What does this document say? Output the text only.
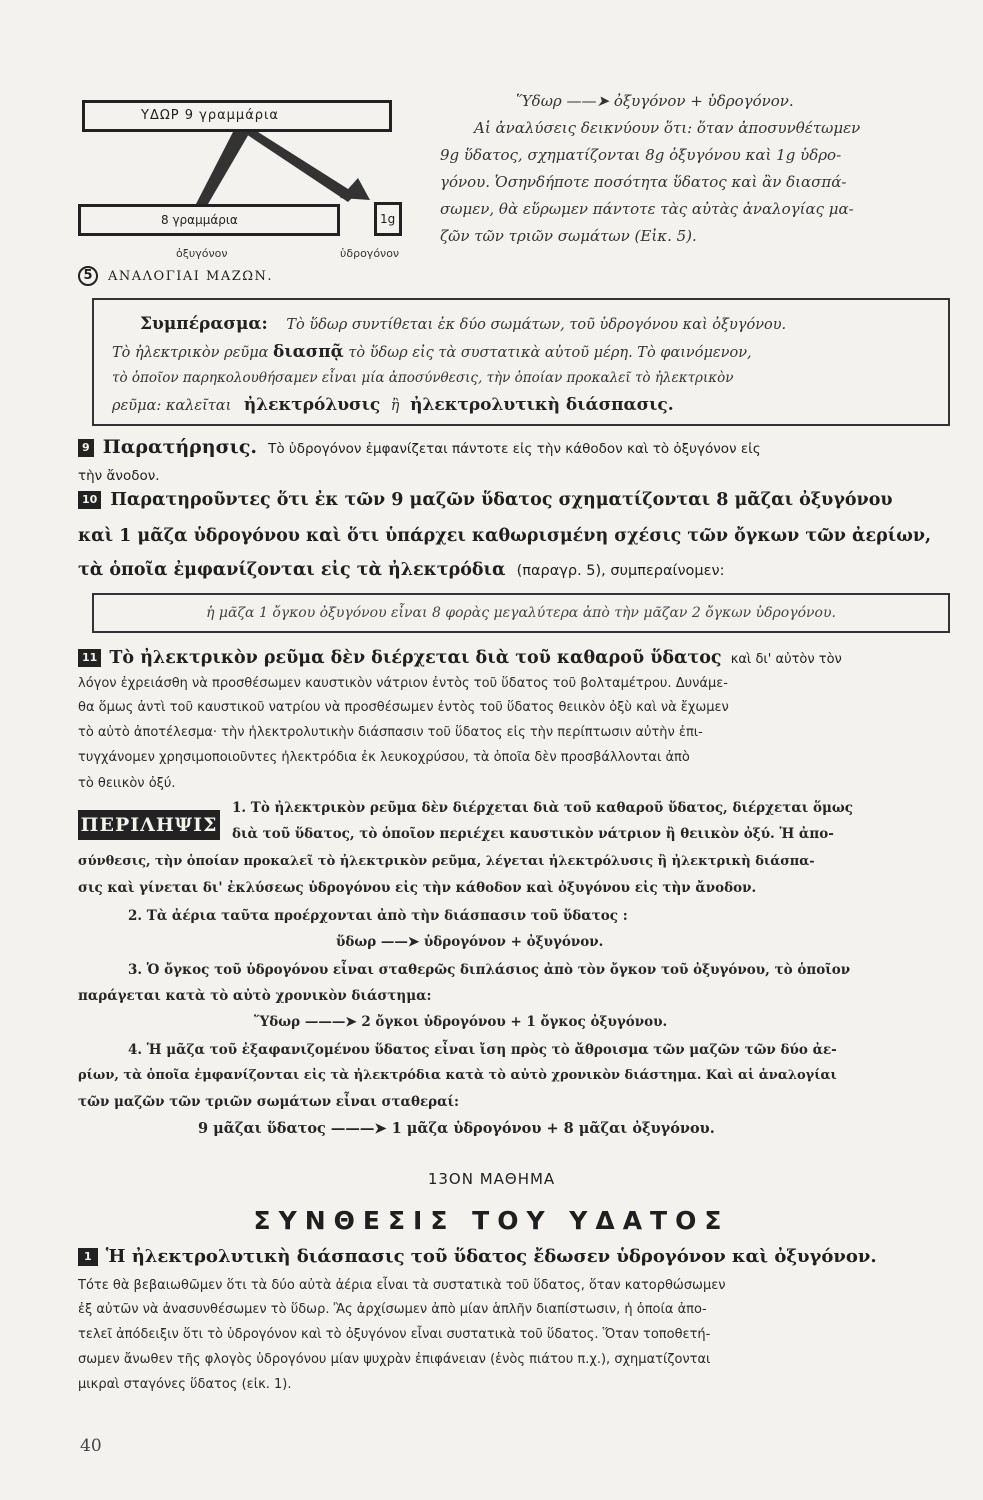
ΥΔΩΡ 9 γραμμάρια
8 γραμμάρια	1g
ὀξυγόνον	ὑδρογόνον
5	ΑΝΑΛΟΓΙΑΙ ΜΑΖΩΝ.
Ὕδωρ ——➤ ὀξυγόνον + ὑδρογόνον.
Αἱ ἀναλύσεις δεικνύουν ὅτι: ὅταν ἀποσυνθέτωμεν
9g ὕδατος, σχηματίζονται 8g ὀξυγόνου καὶ 1g ὑδρο-
γόνου. Ὁσηνδήποτε ποσότητα ὕδατος καὶ ἂν διασπά-
σωμεν, θὰ εὕρωμεν πάντοτε τὰς αὐτὰς ἀναλογίας μα-
ζῶν τῶν τριῶν σωμάτων (Εἰκ. 5).
Συμπέρασμα: Τὸ ὕδωρ συντίθεται ἐκ δύο σωμάτων, τοῦ ὑδρογόνου καὶ ὀξυγόνου.
Τὸ ἠλεκτρικὸν ρεῦμα διασπᾷ τὸ ὕδωρ εἰς τὰ συστατικὰ αὐτοῦ μέρη. Τὸ φαινόμενον,
τὸ ὁποῖον παρηκολουθήσαμεν εἶναι μία ἀποσύνθεσις, τὴν ὁποίαν προκαλεῖ τὸ ἠλεκτρικὸν
ρεῦμα: καλεῖται ἠλεκτρόλυσις ἢ ἠλεκτρολυτικὴ διάσπασις.
9 Παρατήρησις. Τὸ ὑδρογόνον ἐμφανίζεται πάντοτε εἰς τὴν κάθοδον καὶ τὸ ὀξυγόνον εἰς
τὴν ἄνοδον.
10 Παρατηροῦντες ὅτι ἐκ τῶν 9 μαζῶν ὕδατος σχηματίζονται 8 μᾶζαι ὀξυγόνου
καὶ 1 μᾶζα ὑδρογόνου καὶ ὅτι ὑπάρχει καθωρισμένη σχέσις τῶν ὄγκων τῶν ἀερίων,
τὰ ὁποῖα ἐμφανίζονται εἰς τὰ ἠλεκτρόδια (παραγρ. 5), συμπεραίνομεν:
ἡ μᾶζα 1 ὄγκου ὀξυγόνου εἶναι 8 φορὰς μεγαλύτερα ἀπὸ τὴν μᾶζαν 2 ὄγκων ὑδρογόνου.
11 Τὸ ἠλεκτρικὸν ρεῦμα δὲν διέρχεται διὰ τοῦ καθαροῦ ὕδατος καὶ δι' αὐτὸν τὸν
λόγον ἐχρειάσθη νὰ προσθέσωμεν καυστικὸν νάτριον ἐντὸς τοῦ ὕδατος τοῦ βολταμέτρου. Δυνάμε-
θα ὅμως ἀντὶ τοῦ καυστικοῦ νατρίου νὰ προσθέσωμεν ἐντὸς τοῦ ὕδατος θειικὸν ὀξὺ καὶ νὰ ἔχωμεν
τὸ αὐτὸ ἀποτέλεσμα· τὴν ἠλεκτρολυτικὴν διάσπασιν τοῦ ὕδατος εἰς τὴν περίπτωσιν αὐτὴν ἐπι-
τυγχάνομεν χρησιμοποιοῦντες ἠλεκτρόδια ἐκ λευκοχρύσου, τὰ ὁποῖα δὲν προσβάλλονται ἀπὸ
τὸ θειικὸν ὀξύ.
ΠΕΡΙΛΗΨΙΣ
1. Τὸ ἠλεκτρικὸν ρεῦμα δὲν διέρχεται διὰ τοῦ καθαροῦ ὕδατος, διέρχεται ὅμως
διὰ τοῦ ὕδατος, τὸ ὁποῖον περιέχει καυστικὸν νάτριον ἢ θειικὸν ὀξύ. Ἡ ἀπο-
σύνθεσις, τὴν ὁποίαν προκαλεῖ τὸ ἠλεκτρικὸν ρεῦμα, λέγεται ἠλεκτρόλυσις ἢ ἠλεκτρικὴ διάσπα-
σις καὶ γίνεται δι' ἐκλύσεως ὑδρογόνου εἰς τὴν κάθοδον καὶ ὀξυγόνου εἰς τὴν ἄνοδον.
2. Τὰ ἀέρια ταῦτα προέρχονται ἀπὸ τὴν διάσπασιν τοῦ ὕδατος :
ὕδωρ ——➤ ὑδρογόνον + ὀξυγόνον.
3. Ὁ ὄγκος τοῦ ὑδρογόνου εἶναι σταθερῶς διπλάσιος ἀπὸ τὸν ὄγκον τοῦ ὀξυγόνου, τὸ ὁποῖον
παράγεται κατὰ τὸ αὐτὸ χρονικὸν διάστημα:
Ὕδωρ ———➤ 2 ὄγκοι ὑδρογόνου + 1 ὄγκος ὀξυγόνου.
4. Ἡ μᾶζα τοῦ ἐξαφανιζομένου ὕδατος εἶναι ἴση πρὸς τὸ ἄθροισμα τῶν μαζῶν τῶν δύο ἀε-
ρίων, τὰ ὁποῖα ἐμφανίζονται εἰς τὰ ἠλεκτρόδια κατὰ τὸ αὐτὸ χρονικὸν διάστημα. Καὶ αἱ ἀναλογίαι
τῶν μαζῶν τῶν τριῶν σωμάτων εἶναι σταθεραί:
9 μᾶζαι ὕδατος ———➤ 1 μᾶζα ὑδρογόνου + 8 μᾶζαι ὀξυγόνου.
13ΟΝ ΜΑΘΗΜΑ
ΣΥΝΘΕΣΙΣ ΤΟΥ ΥΔΑΤΟΣ
1 Ἡ ἠλεκτρολυτικὴ διάσπασις τοῦ ὕδατος ἔδωσεν ὑδρογόνον καὶ ὀξυγόνον.
Τότε θὰ βεβαιωθῶμεν ὅτι τὰ δύο αὐτὰ ἀέρια εἶναι τὰ συστατικὰ τοῦ ὕδατος, ὅταν κατορθώσωμεν
ἐξ αὐτῶν νὰ ἀνασυνθέσωμεν τὸ ὕδωρ. Ἂς ἀρχίσωμεν ἀπὸ μίαν ἁπλῆν διαπίστωσιν, ἡ ὁποία ἀπο-
τελεῖ ἀπόδειξιν ὅτι τὸ ὑδρογόνον καὶ τὸ ὀξυγόνον εἶναι συστατικὰ τοῦ ὕδατος. Ὅταν τοποθετή-
σωμεν ἄνωθεν τῆς φλογὸς ὑδρογόνου μίαν ψυχρὰν ἐπιφάνειαν (ἑνὸς πιάτου π.χ.), σχηματίζονται
μικραὶ σταγόνες ὕδατος (εἰκ. 1).
40
